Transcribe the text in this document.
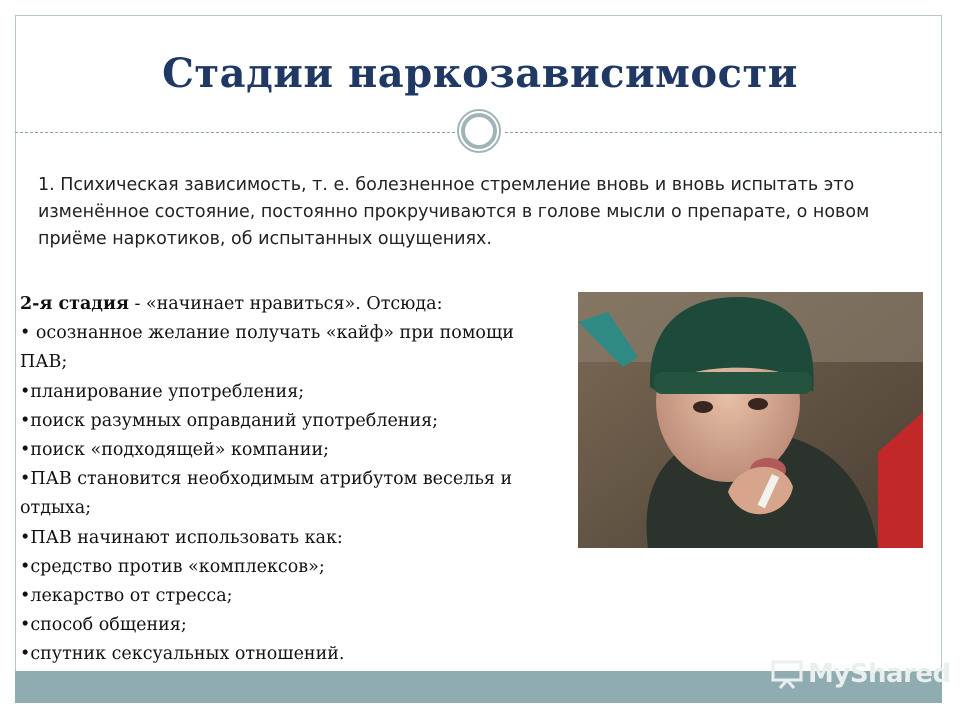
Стадии наркозависимости
1. Психическая зависимость, т. е. болезненное стремление вновь и вновь испытать это изменённое состояние, постоянно прокручиваются в голове мысли о препарате, о новом приёме наркотиков, об испытанных ощущениях.
2-я стадия - «начинает нравиться». Отсюда:
• осознанное желание получать «кайф» при помощи ПАВ;
•планирование употребления;
•поиск разумных оправданий употребления;
•поиск «подходящей» компании;
•ПАВ становится необходимым атрибутом веселья и отдыха;
•ПАВ начинают использовать как:
•средство против «комплексов»;
•лекарство от стресса;
•способ общения;
•спутник сексуальных отношений.
MyShared
